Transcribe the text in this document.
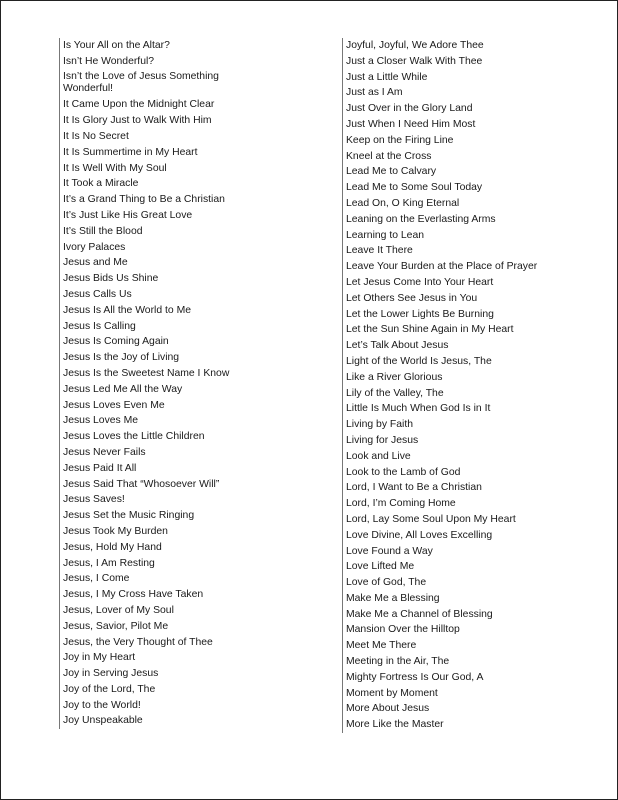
Is Your All on the Altar?
Isn’t He Wonderful?
Isn’t the Love of Jesus Something Wonderful!
It Came Upon the Midnight Clear
It Is Glory Just to Walk With Him
It Is No Secret
It Is Summertime in My Heart
It Is Well With My Soul
It Took a Miracle
It’s a Grand Thing to Be a Christian
It’s Just Like His Great Love
It’s Still the Blood
Ivory Palaces
Jesus and Me
Jesus Bids Us Shine
Jesus Calls Us
Jesus Is All the World to Me
Jesus Is Calling
Jesus Is Coming Again
Jesus Is the Joy of Living
Jesus Is the Sweetest Name I Know
Jesus Led Me All the Way
Jesus Loves Even Me
Jesus Loves Me
Jesus Loves the Little Children
Jesus Never Fails
Jesus Paid It All
Jesus Said That “Whosoever Will”
Jesus Saves!
Jesus Set the Music Ringing
Jesus Took My Burden
Jesus, Hold My Hand
Jesus, I Am Resting
Jesus, I Come
Jesus, I My Cross Have Taken
Jesus, Lover of My Soul
Jesus, Savior, Pilot Me
Jesus, the Very Thought of Thee
Joy in My Heart
Joy in Serving Jesus
Joy of the Lord, The
Joy to the World!
Joy Unspeakable
Joyful, Joyful, We Adore Thee
Just a Closer Walk With Thee
Just a Little While
Just as I Am
Just Over in the Glory Land
Just When I Need Him Most
Keep on the Firing Line
Kneel at the Cross
Lead Me to Calvary
Lead Me to Some Soul Today
Lead On, O King Eternal
Leaning on the Everlasting Arms
Learning to Lean
Leave It There
Leave Your Burden at the Place of Prayer
Let Jesus Come Into Your Heart
Let Others See Jesus in You
Let the Lower Lights Be Burning
Let the Sun Shine Again in My Heart
Let’s Talk About Jesus
Light of the World Is Jesus, The
Like a River Glorious
Lily of the Valley, The
Little Is Much When God Is in It
Living by Faith
Living for Jesus
Look and Live
Look to the Lamb of God
Lord, I Want to Be a Christian
Lord, I’m Coming Home
Lord, Lay Some Soul Upon My Heart
Love Divine, All Loves Excelling
Love Found a Way
Love Lifted Me
Love of God, The
Make Me a Blessing
Make Me a Channel of Blessing
Mansion Over the Hilltop
Meet Me There
Meeting in the Air, The
Mighty Fortress Is Our God, A
Moment by Moment
More About Jesus
More Like the Master
